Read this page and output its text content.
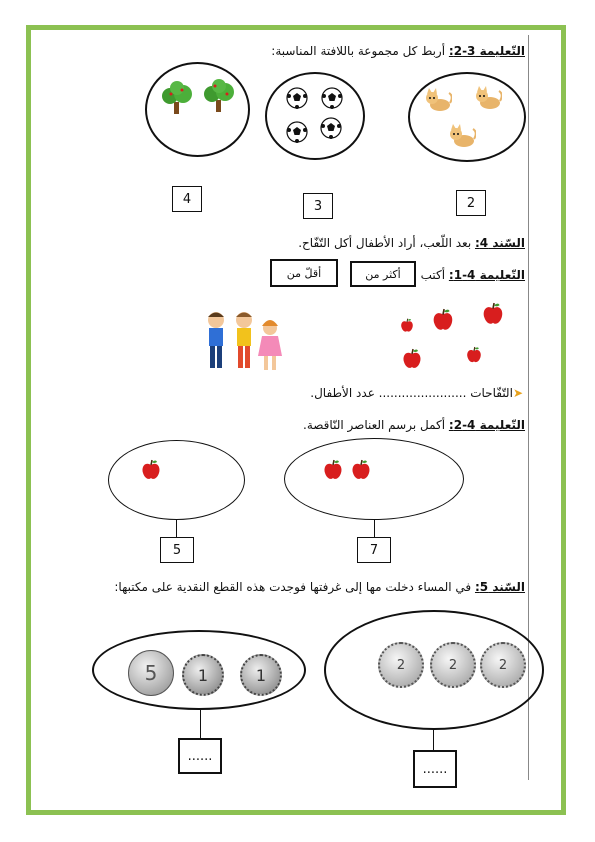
التّعليمة 3-2: أربط كل مجموعة باللافتة المناسبة:
4	3	2
السّند 4: بعد اللّعب، أراد الأطفال أكل التّفّاح.
التّعليمة 4-1: أكتب
أكثر من
أقلّ من
➤التّفّاحات ....................... عدد الأطفال.
التّعليمة 4-2: أكمل برسم العناصر النّاقصة.
5	7
السّند 5: في المساء دخلت مها إلى غرفتها فوجدت هذه القطع النقدية على مكتبها:
5	1	1
2	2	2
......
......
